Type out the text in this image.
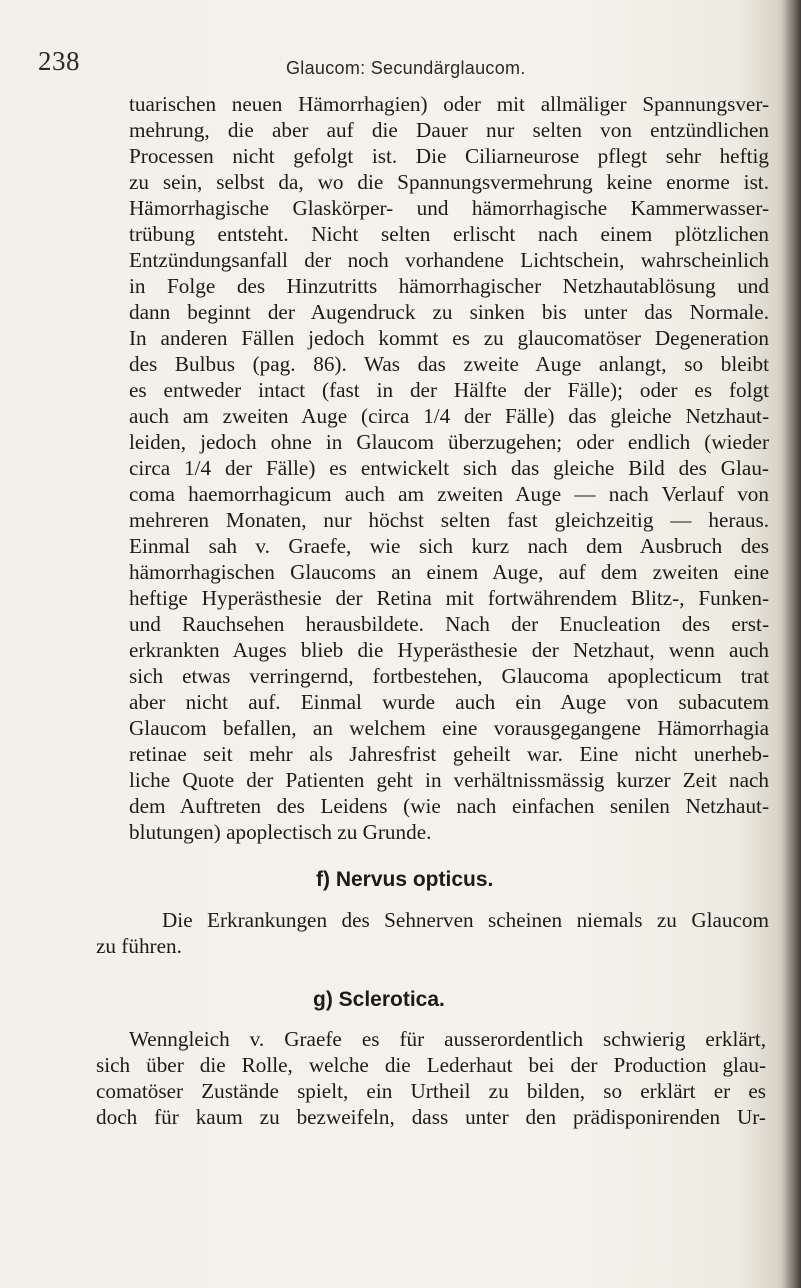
238	Glaucom: Secundärglaucom.
tuarischen neuen Hämorrhagien) oder mit allmäliger Spannungsver-
mehrung, die aber auf die Dauer nur selten von entzündlichen
Processen nicht gefolgt ist. Die Ciliarneurose pflegt sehr heftig
zu sein, selbst da, wo die Spannungsvermehrung keine enorme ist.
Hämorrhagische Glaskörper- und hämorrhagische Kammerwasser-
trübung entsteht. Nicht selten erlischt nach einem plötzlichen
Entzündungsanfall der noch vorhandene Lichtschein, wahrscheinlich
in Folge des Hinzutritts hämorrhagischer Netzhautablösung und
dann beginnt der Augendruck zu sinken bis unter das Normale.
In anderen Fällen jedoch kommt es zu glaucomatöser Degeneration
des Bulbus (pag. 86). Was das zweite Auge anlangt, so bleibt
es entweder intact (fast in der Hälfte der Fälle); oder es folgt
auch am zweiten Auge (circa 1/4 der Fälle) das gleiche Netzhaut-
leiden, jedoch ohne in Glaucom überzugehen; oder endlich (wieder
circa 1/4 der Fälle) es entwickelt sich das gleiche Bild des Glau-
coma haemorrhagicum auch am zweiten Auge — nach Verlauf von
mehreren Monaten, nur höchst selten fast gleichzeitig — heraus.
Einmal sah v. Graefe, wie sich kurz nach dem Ausbruch des
hämorrhagischen Glaucoms an einem Auge, auf dem zweiten eine
heftige Hyperästhesie der Retina mit fortwährendem Blitz-, Funken-
und Rauchsehen herausbildete. Nach der Enucleation des erst-
erkrankten Auges blieb die Hyperästhesie der Netzhaut, wenn auch
sich etwas verringernd, fortbestehen, Glaucoma apoplecticum trat
aber nicht auf. Einmal wurde auch ein Auge von subacutem
Glaucom befallen, an welchem eine vorausgegangene Hämorrhagia
retinae seit mehr als Jahresfrist geheilt war. Eine nicht unerheb-
liche Quote der Patienten geht in verhältnissmässig kurzer Zeit nach
dem Auftreten des Leidens (wie nach einfachen senilen Netzhaut-
blutungen) apoplectisch zu Grunde.
f) Nervus opticus.
Die Erkrankungen des Sehnerven scheinen niemals zu Glaucom
zu führen.
g) Sclerotica.
Wenngleich v. Graefe es für ausserordentlich schwierig erklärt,
sich über die Rolle, welche die Lederhaut bei der Production glau-
comatöser Zustände spielt, ein Urtheil zu bilden, so erklärt er es
doch für kaum zu bezweifeln, dass unter den prädisponirenden Ur-
